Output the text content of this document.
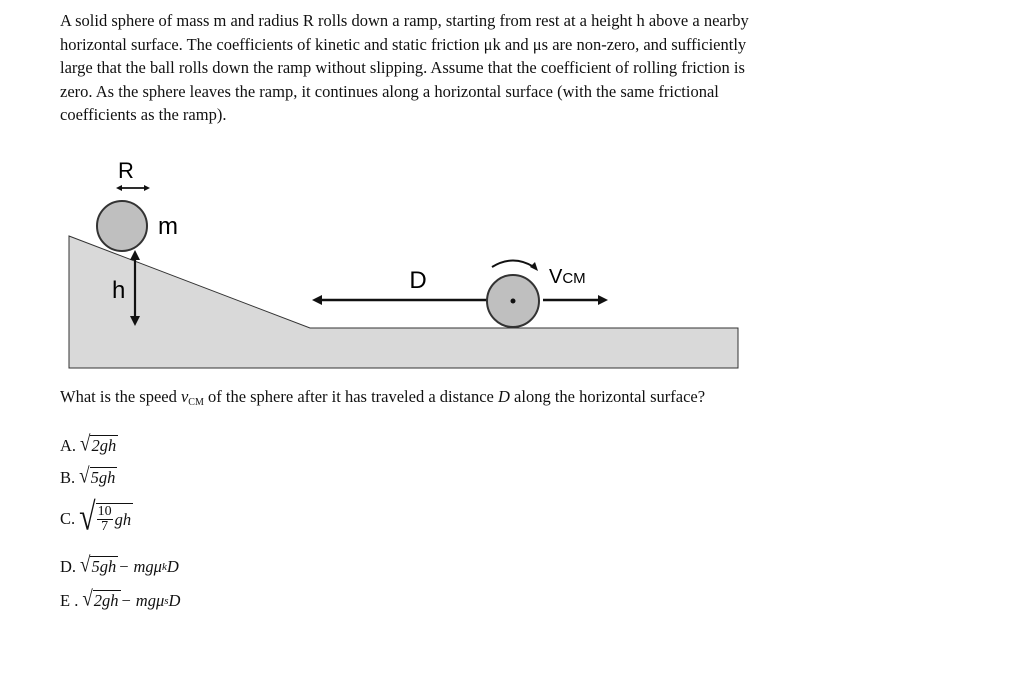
A solid sphere of mass m and radius R rolls down a ramp, starting from rest at a height h above a nearby horizontal surface. The coefficients of kinetic and static friction μk and μs are non-zero, and sufficiently large that the ball rolls down the ramp without slipping. Assume that the coefficient of rolling friction is zero. As the sphere leaves the ramp, it continues along a horizontal surface (with the same frictional coefficients as the ramp).

R
m
h	D	VCM

What is the speed vCM of the sphere after it has traveled a distance D along the horizontal surface?

A. √ 2gh
B. √ 5gh
C. √ $\frac{10}{7}$ gh
D. √ 5gh − mgμ k D
E . √ 2gh − mgμ s D
